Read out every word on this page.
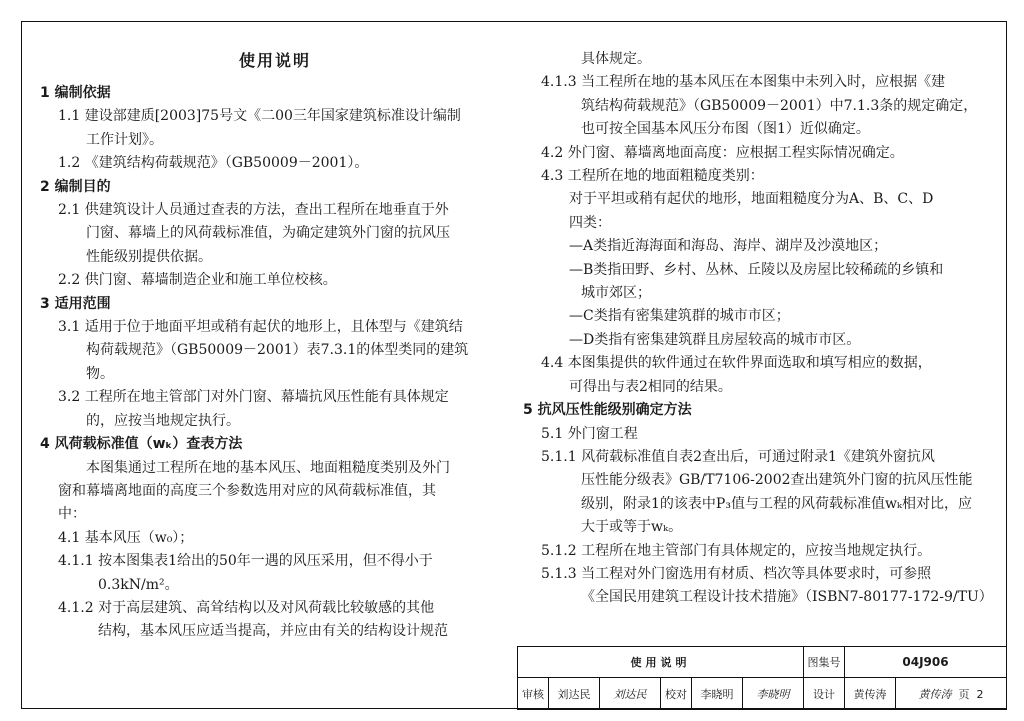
使用说明
1 编制依据
1.1 建设部建质[2003]75号文《二00三年国家建筑标准设计编制
工作计划》。
1.2 《建筑结构荷载规范》（GB50009－2001）。
2 编制目的
2.1 供建筑设计人员通过查表的方法，查出工程所在地垂直于外
门窗、幕墙上的风荷载标准值，为确定建筑外门窗的抗风压
性能级别提供依据。
2.2 供门窗、幕墙制造企业和施工单位校核。
3 适用范围
3.1 适用于位于地面平坦或稍有起伏的地形上，且体型与《建筑结
构荷载规范》（GB50009－2001）表7.3.1的体型类同的建筑
物。
3.2 工程所在地主管部门对外门窗、幕墙抗风压性能有具体规定
的，应按当地规定执行。
4 风荷载标准值（wₖ）查表方法
本图集通过工程所在地的基本风压、地面粗糙度类别及外门
窗和幕墙离地面的高度三个参数选用对应的风荷载标准值，其
中：
4.1 基本风压（w₀）；
4.1.1 按本图集表1给出的50年一遇的风压采用，但不得小于
0.3kN/m²。
4.1.2 对于高层建筑、高耸结构以及对风荷载比较敏感的其他
结构，基本风压应适当提高，并应由有关的结构设计规范
具体规定。
4.1.3 当工程所在地的基本风压在本图集中未列入时，应根据《建
筑结构荷载规范》（GB50009－2001）中7.1.3条的规定确定，
也可按全国基本风压分布图（图1）近似确定。
4.2 外门窗、幕墙离地面高度：应根据工程实际情况确定。
4.3 工程所在地的地面粗糙度类别：
对于平坦或稍有起伏的地形，地面粗糙度分为A、B、C、D
四类：
—A类指近海海面和海岛、海岸、湖岸及沙漠地区；
—B类指田野、乡村、丛林、丘陵以及房屋比较稀疏的乡镇和
城市郊区；
—C类指有密集建筑群的城市市区；
—D类指有密集建筑群且房屋较高的城市市区。
4.4 本图集提供的软件通过在软件界面选取和填写相应的数据，
可得出与表2相同的结果。
5 抗风压性能级别确定方法
5.1 外门窗工程
5.1.1 风荷载标准值自表2查出后，可通过附录1《建筑外窗抗风
压性能分级表》GB/T7106-2002查出建筑外门窗的抗风压性能
级别，附录1的该表中P₃值与工程的风荷载标准值wₖ相对比，应
大于或等于wₖ。
5.1.2 工程所在地主管部门有具体规定的，应按当地规定执行。
5.1.3 当工程对外门窗选用有材质、档次等具体要求时，可参照
《全国民用建筑工程设计技术措施》（ISBN7-80177-172-9/TU）
使用说明						图集号	04J906	
审核	刘达民	刘达民	校对	李晓明	李晓明	设计	黄传涛	黄传涛 页 2
